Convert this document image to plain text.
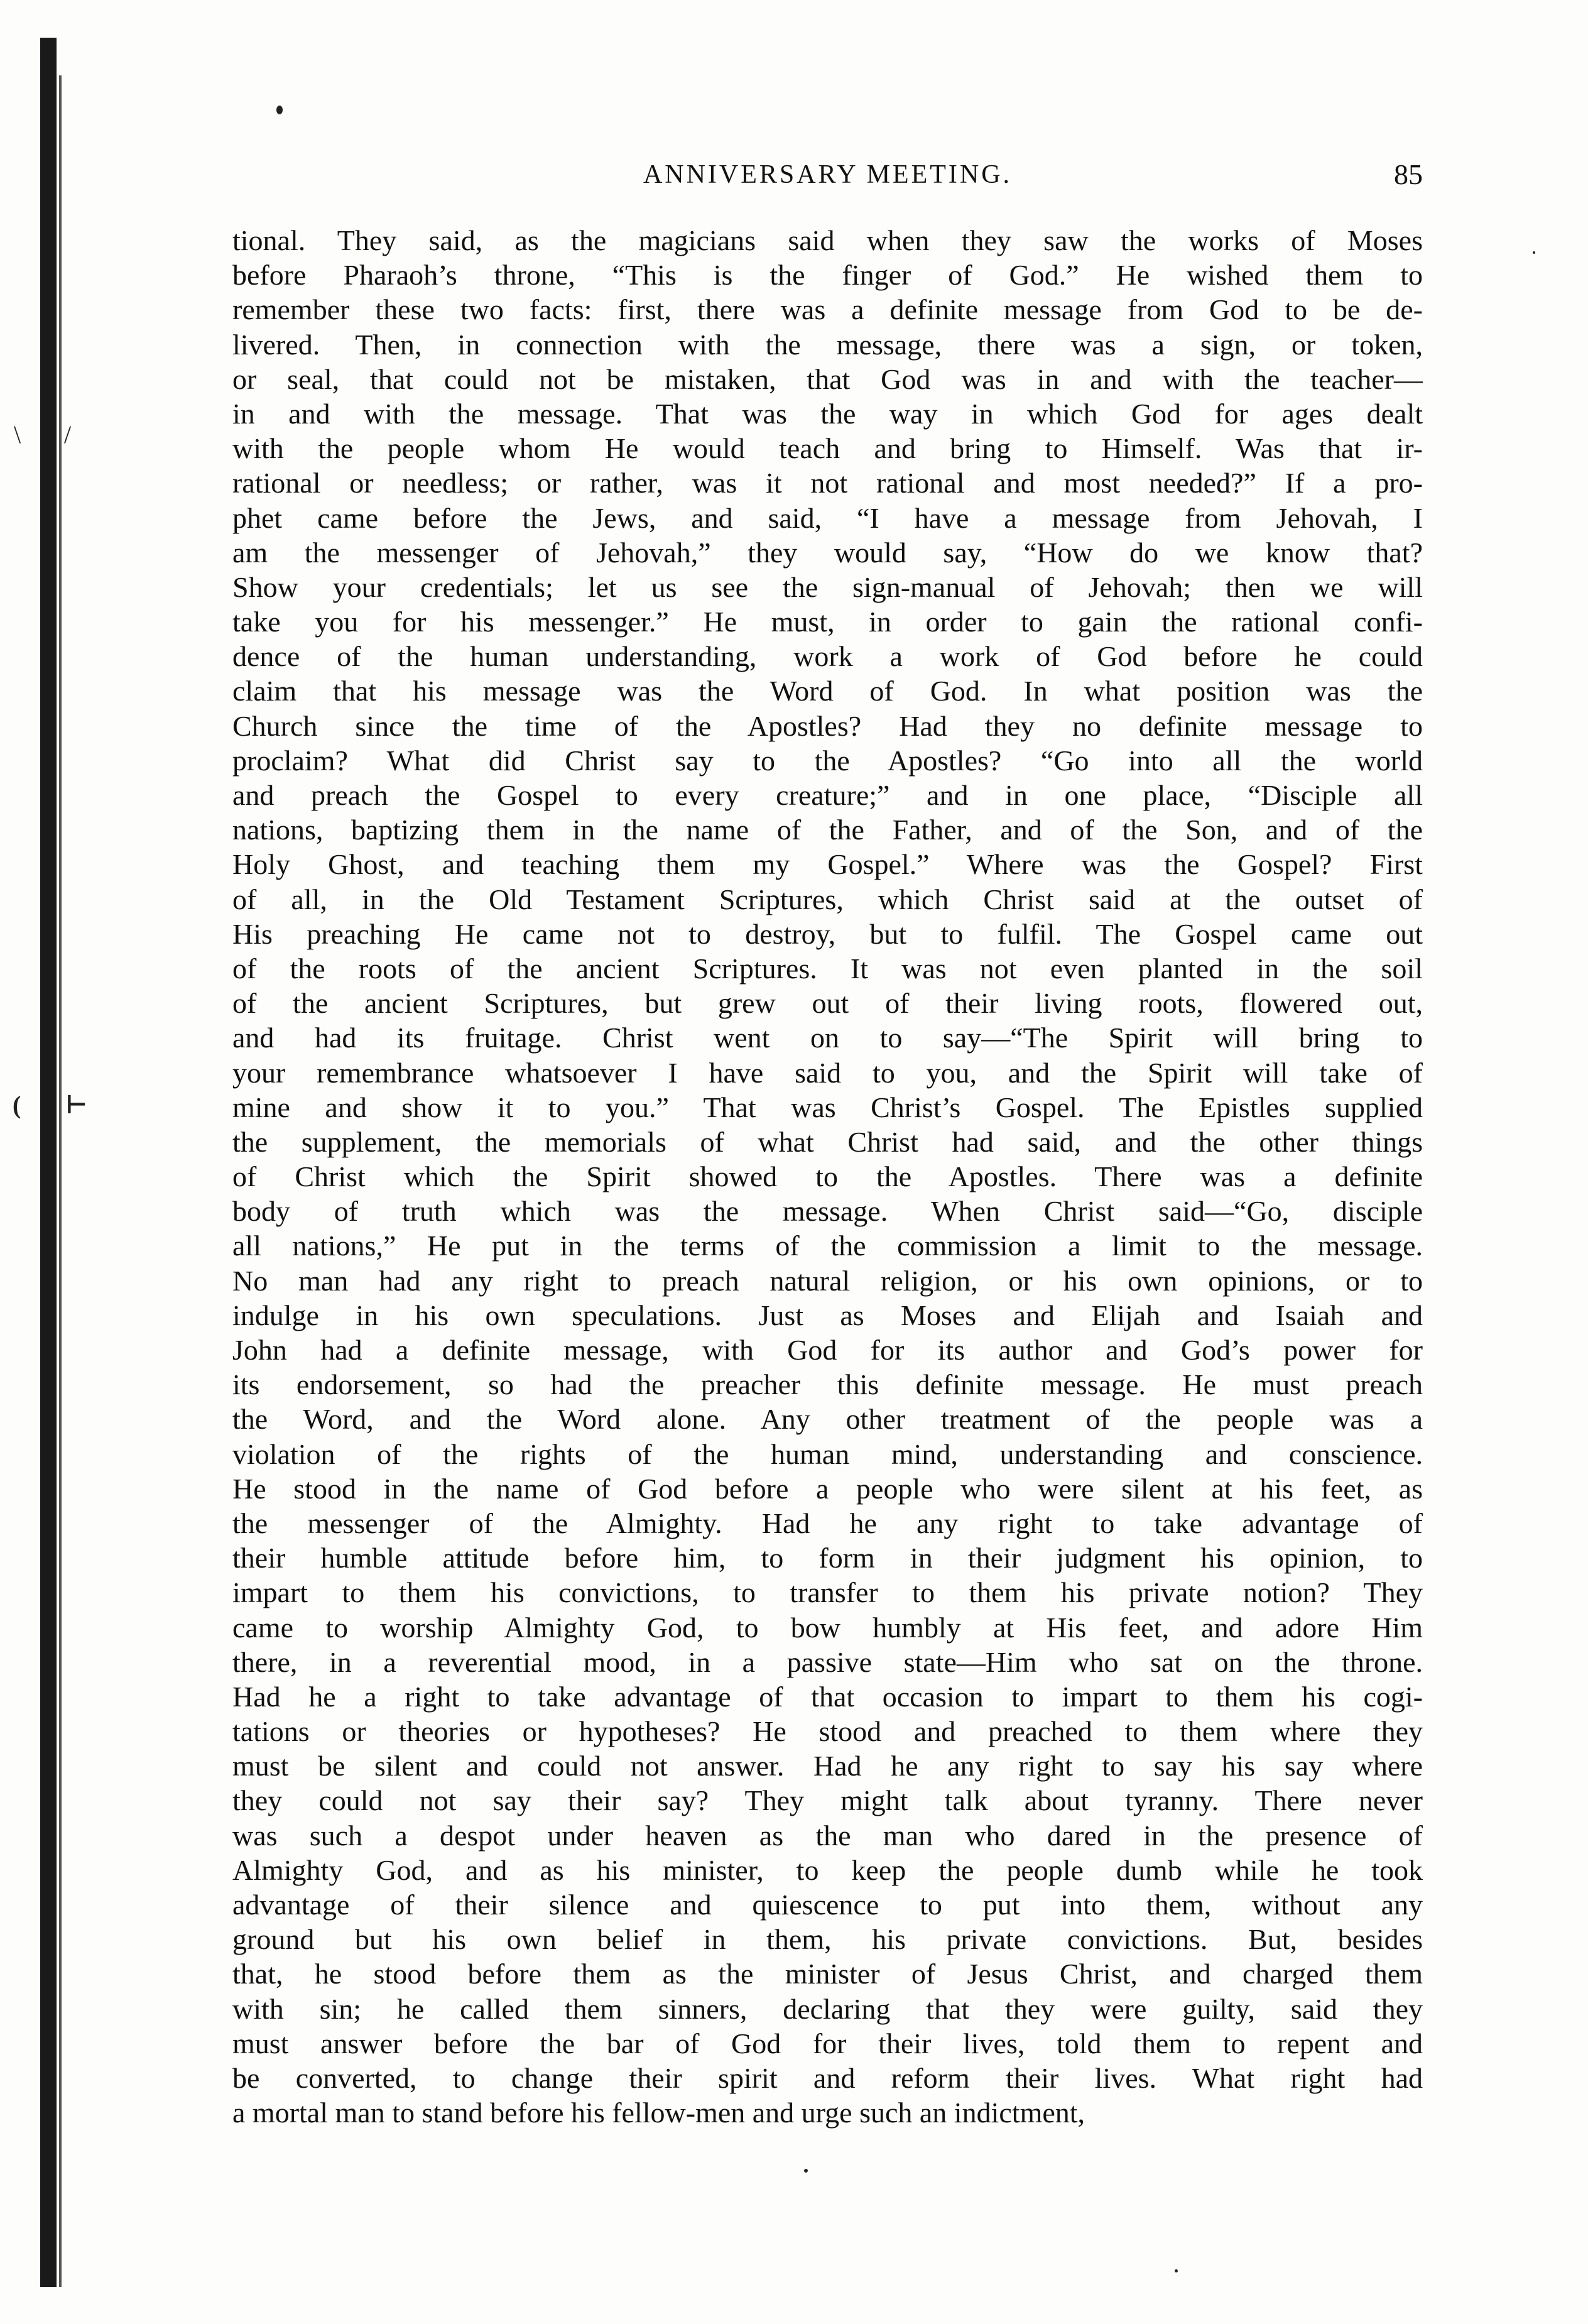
\ /
( ⊢
ANNIVERSARY MEETING.	85
tional. They said, as the magicians said when they saw the works of Moses
before Pharaoh’s throne, “This is the finger of God.” He wished them to
remember these two facts: first, there was a definite message from God to be de-
livered. Then, in connection with the message, there was a sign, or token,
or seal, that could not be mistaken, that God was in and with the teacher—
in and with the message. That was the way in which God for ages dealt
with the people whom He would teach and bring to Himself. Was that ir-
rational or needless; or rather, was it not rational and most needed?” If a pro-
phet came before the Jews, and said, “I have a message from Jehovah, I
am the messenger of Jehovah,” they would say, “How do we know that?
Show your credentials; let us see the sign-manual of Jehovah; then we will
take you for his messenger.” He must, in order to gain the rational confi-
dence of the human understanding, work a work of God before he could
claim that his message was the Word of God. In what position was the
Church since the time of the Apostles? Had they no definite message to
proclaim? What did Christ say to the Apostles? “Go into all the world
and preach the Gospel to every creature;” and in one place, “Disciple all
nations, baptizing them in the name of the Father, and of the Son, and of the
Holy Ghost, and teaching them my Gospel.” Where was the Gospel? First
of all, in the Old Testament Scriptures, which Christ said at the outset of
His preaching He came not to destroy, but to fulfil. The Gospel came out
of the roots of the ancient Scriptures. It was not even planted in the soil
of the ancient Scriptures, but grew out of their living roots, flowered out,
and had its fruitage. Christ went on to say—“The Spirit will bring to
your remembrance whatsoever I have said to you, and the Spirit will take of
mine and show it to you.” That was Christ’s Gospel. The Epistles supplied
the supplement, the memorials of what Christ had said, and the other things
of Christ which the Spirit showed to the Apostles. There was a definite
body of truth which was the message. When Christ said—“Go, disciple
all nations,” He put in the terms of the commission a limit to the message.
No man had any right to preach natural religion, or his own opinions, or to
indulge in his own speculations. Just as Moses and Elijah and Isaiah and
John had a definite message, with God for its author and God’s power for
its endorsement, so had the preacher this definite message. He must preach
the Word, and the Word alone. Any other treatment of the people was a
violation of the rights of the human mind, understanding and conscience.
He stood in the name of God before a people who were silent at his feet, as
the messenger of the Almighty. Had he any right to take advantage of
their humble attitude before him, to form in their judgment his opinion, to
impart to them his convictions, to transfer to them his private notion? They
came to worship Almighty God, to bow humbly at His feet, and adore Him
there, in a reverential mood, in a passive state—Him who sat on the throne.
Had he a right to take advantage of that occasion to impart to them his cogi-
tations or theories or hypotheses? He stood and preached to them where they
must be silent and could not answer. Had he any right to say his say where
they could not say their say? They might talk about tyranny. There never
was such a despot under heaven as the man who dared in the presence of
Almighty God, and as his minister, to keep the people dumb while he took
advantage of their silence and quiescence to put into them, without any
ground but his own belief in them, his private convictions. But, besides
that, he stood before them as the minister of Jesus Christ, and charged them
with sin; he called them sinners, declaring that they were guilty, said they
must answer before the bar of God for their lives, told them to repent and
be converted, to change their spirit and reform their lives. What right had
a mortal man to stand before his fellow-men and urge such an indictment,
